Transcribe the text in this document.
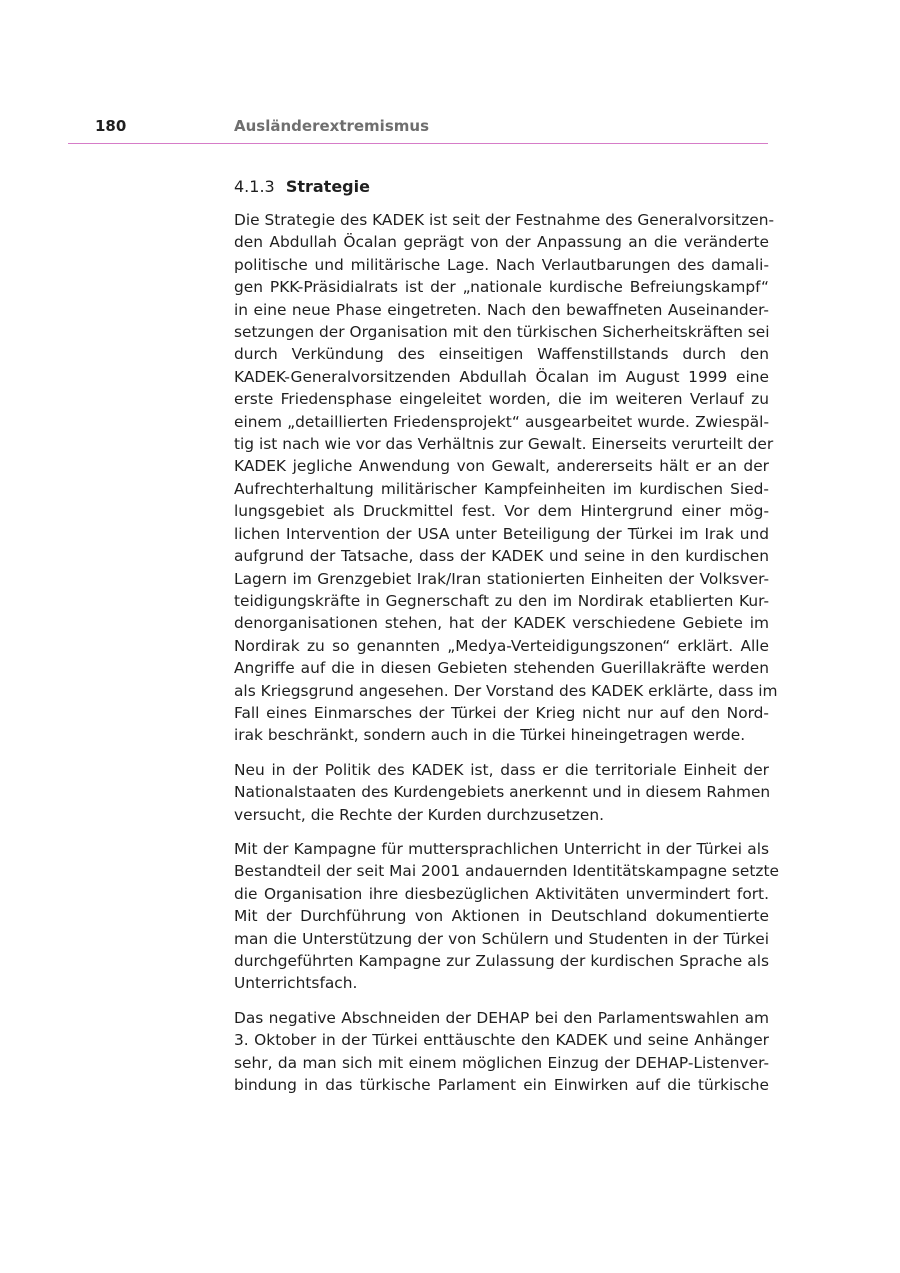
180	Ausländerextremismus
4.1.3 Strategie

Die Strategie des KADEK ist seit der Festnahme des Generalvorsitzen-
den Abdullah Öcalan geprägt von der Anpassung an die veränderte
politische und militärische Lage. Nach Verlautbarungen des damali-
gen PKK-Präsidialrats ist der „nationale kurdische Befreiungskampf“
in eine neue Phase eingetreten. Nach den bewaffneten Auseinander-
setzungen der Organisation mit den türkischen Sicherheitskräften sei
durch Verkündung des einseitigen Waffenstillstands durch den
KADEK-Generalvorsitzenden Abdullah Öcalan im August 1999 eine
erste Friedensphase eingeleitet worden, die im weiteren Verlauf zu
einem „detaillierten Friedensprojekt“ ausgearbeitet wurde. Zwiespäl-
tig ist nach wie vor das Verhältnis zur Gewalt. Einerseits verurteilt der
KADEK jegliche Anwendung von Gewalt, andererseits hält er an der
Aufrechterhaltung militärischer Kampfeinheiten im kurdischen Sied-
lungsgebiet als Druckmittel fest. Vor dem Hintergrund einer mög-
lichen Intervention der USA unter Beteiligung der Türkei im Irak und
aufgrund der Tatsache, dass der KADEK und seine in den kurdischen
Lagern im Grenzgebiet Irak/Iran stationierten Einheiten der Volksver-
teidigungskräfte in Gegnerschaft zu den im Nordirak etablierten Kur-
denorganisationen stehen, hat der KADEK verschiedene Gebiete im
Nordirak zu so genannten „Medya-Verteidigungszonen“ erklärt. Alle
Angriffe auf die in diesen Gebieten stehenden Guerillakräfte werden
als Kriegsgrund angesehen. Der Vorstand des KADEK erklärte, dass im
Fall eines Einmarsches der Türkei der Krieg nicht nur auf den Nord-
irak beschränkt, sondern auch in die Türkei hineingetragen werde.

Neu in der Politik des KADEK ist, dass er die territoriale Einheit der
Nationalstaaten des Kurdengebiets anerkennt und in diesem Rahmen
versucht, die Rechte der Kurden durchzusetzen.

Mit der Kampagne für muttersprachlichen Unterricht in der Türkei als
Bestandteil der seit Mai 2001 andauernden Identitätskampagne setzte
die Organisation ihre diesbezüglichen Aktivitäten unvermindert fort.
Mit der Durchführung von Aktionen in Deutschland dokumentierte
man die Unterstützung der von Schülern und Studenten in der Türkei
durchgeführten Kampagne zur Zulassung der kurdischen Sprache als
Unterrichtsfach.

Das negative Abschneiden der DEHAP bei den Parlamentswahlen am
3. Oktober in der Türkei enttäuschte den KADEK und seine Anhänger
sehr, da man sich mit einem möglichen Einzug der DEHAP-Listenver-
bindung in das türkische Parlament ein Einwirken auf die türkische
